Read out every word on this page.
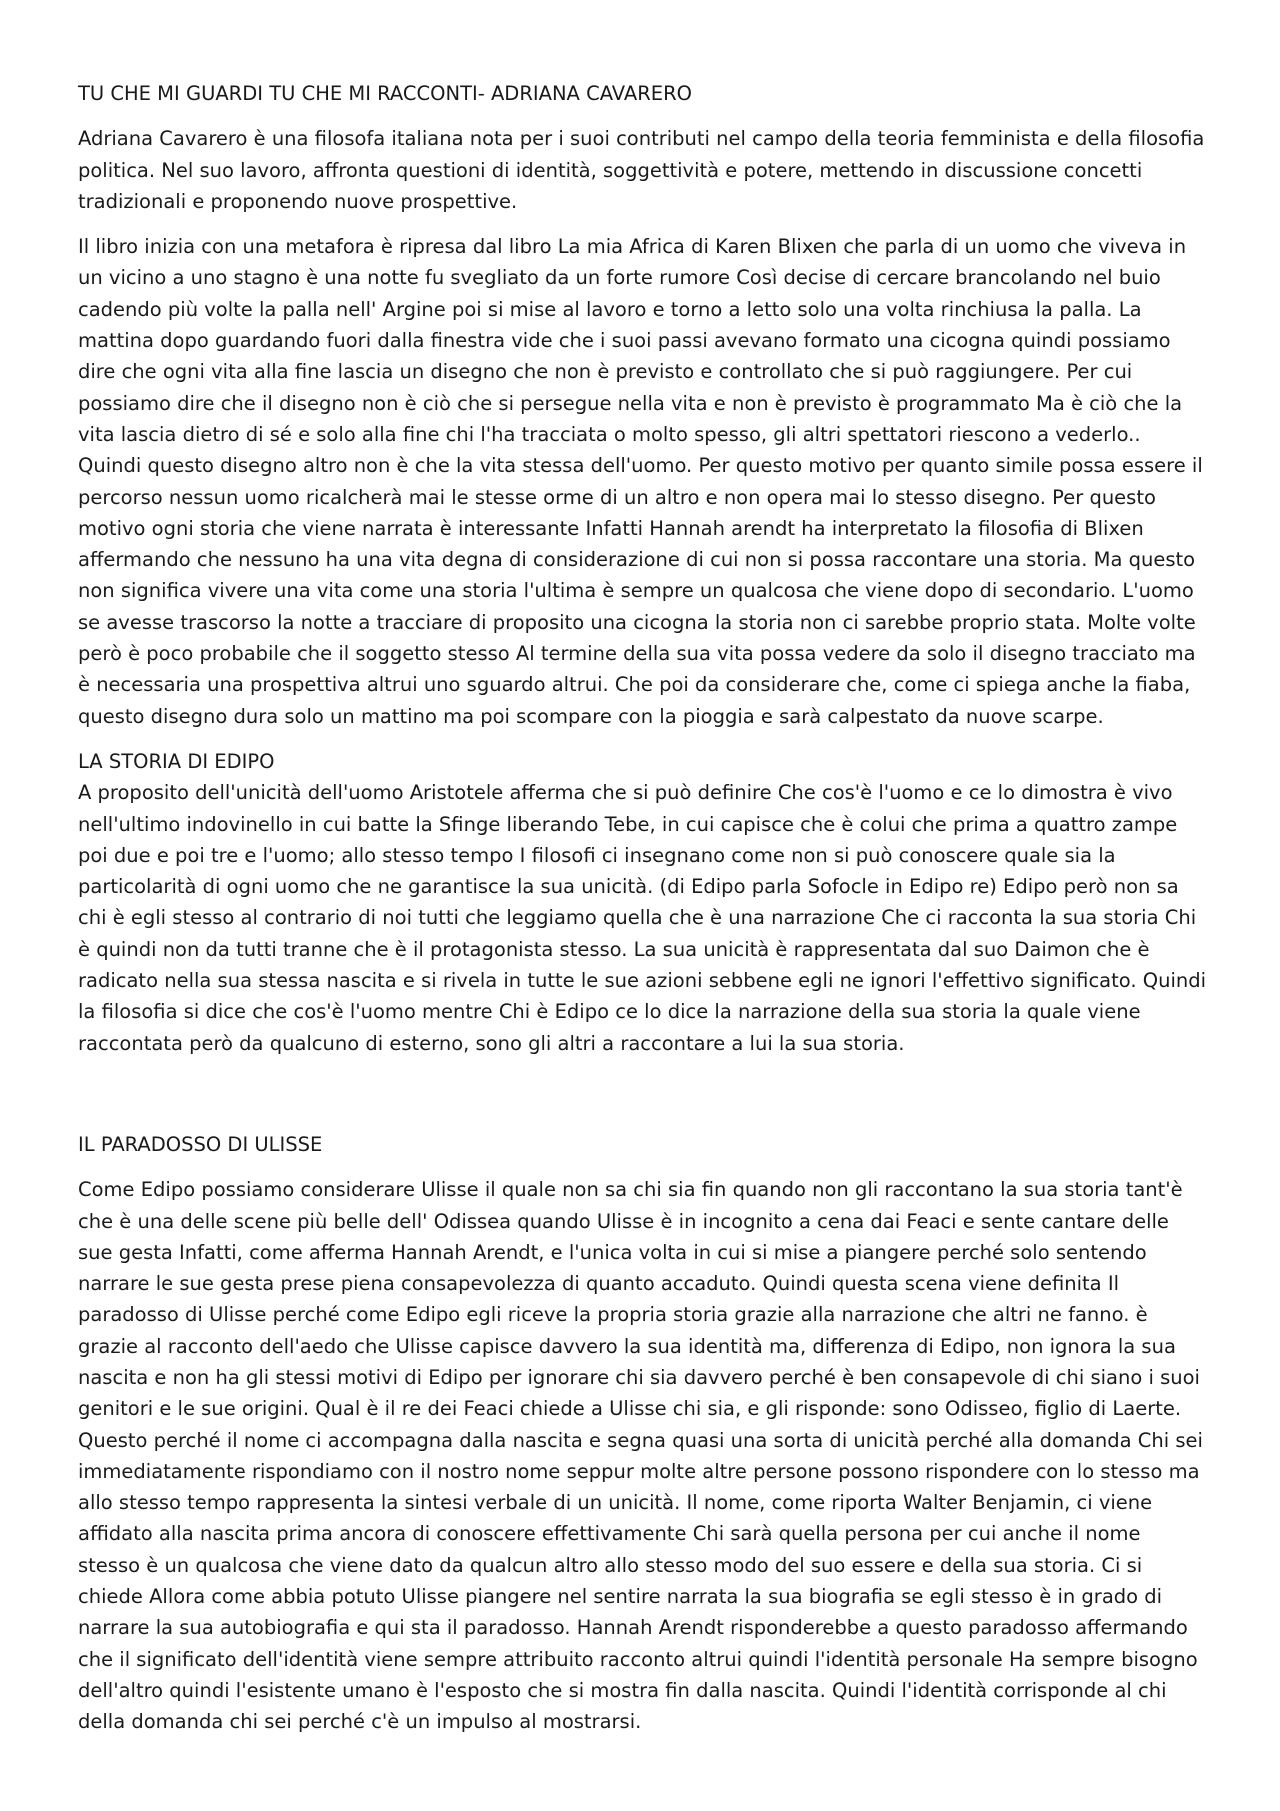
TU CHE MI GUARDI TU CHE MI RACCONTI- ADRIANA CAVARERO

Adriana Cavarero è una filosofa italiana nota per i suoi contributi nel campo della teoria femminista e della filosofia politica. Nel suo lavoro, affronta questioni di identità, soggettività e potere, mettendo in discussione concetti tradizionali e proponendo nuove prospettive.

Il libro inizia con una metafora è ripresa dal libro La mia Africa di Karen Blixen che parla di un uomo che viveva in un vicino a uno stagno è una notte fu svegliato da un forte rumore Così decise di cercare brancolando nel buio cadendo più volte la palla nell' Argine poi si mise al lavoro e torno a letto solo una volta rinchiusa la palla. La mattina dopo guardando fuori dalla finestra vide che i suoi passi avevano formato una cicogna quindi possiamo dire che ogni vita alla fine lascia un disegno che non è previsto e controllato che si può raggiungere. Per cui possiamo dire che il disegno non è ciò che si persegue nella vita e non è previsto è programmato Ma è ciò che la vita lascia dietro di sé e solo alla fine chi l'ha tracciata o molto spesso, gli altri spettatori riescono a vederlo.. Quindi questo disegno altro non è che la vita stessa dell'uomo. Per questo motivo per quanto simile possa essere il percorso nessun uomo ricalcherà mai le stesse orme di un altro e non opera mai lo stesso disegno. Per questo motivo ogni storia che viene narrata è interessante Infatti Hannah arendt ha interpretato la filosofia di Blixen affermando che nessuno ha una vita degna di considerazione di cui non si possa raccontare una storia. Ma questo non significa vivere una vita come una storia l'ultima è sempre un qualcosa che viene dopo di secondario. L'uomo se avesse trascorso la notte a tracciare di proposito una cicogna la storia non ci sarebbe proprio stata. Molte volte però è poco probabile che il soggetto stesso Al termine della sua vita possa vedere da solo il disegno tracciato ma è necessaria una prospettiva altrui uno sguardo altrui. Che poi da considerare che, come ci spiega anche la fiaba, questo disegno dura solo un mattino ma poi scompare con la pioggia e sarà calpestato da nuove scarpe.

LA STORIA DI EDIPO

A proposito dell'unicità dell'uomo Aristotele afferma che si può definire Che cos'è l'uomo e ce lo dimostra è vivo nell'ultimo indovinello in cui batte la Sfinge liberando Tebe, in cui capisce che è colui che prima a quattro zampe poi due e poi tre e l'uomo; allo stesso tempo I filosofi ci insegnano come non si può conoscere quale sia la particolarità di ogni uomo che ne garantisce la sua unicità. (di Edipo parla Sofocle in Edipo re) Edipo però non sa chi è egli stesso al contrario di noi tutti che leggiamo quella che è una narrazione Che ci racconta la sua storia Chi è quindi non da tutti tranne che è il protagonista stesso. La sua unicità è rappresentata dal suo Daimon che è radicato nella sua stessa nascita e si rivela in tutte le sue azioni sebbene egli ne ignori l'effettivo significato. Quindi la filosofia si dice che cos'è l'uomo mentre Chi è Edipo ce lo dice la narrazione della sua storia la quale viene raccontata però da qualcuno di esterno, sono gli altri a raccontare a lui la sua storia.

IL PARADOSSO DI ULISSE

Come Edipo possiamo considerare Ulisse il quale non sa chi sia fin quando non gli raccontano la sua storia tant'è che è una delle scene più belle dell' Odissea quando Ulisse è in incognito a cena dai Feaci e sente cantare delle sue gesta Infatti, come afferma Hannah Arendt, e l'unica volta in cui si mise a piangere perché solo sentendo narrare le sue gesta prese piena consapevolezza di quanto accaduto. Quindi questa scena viene definita Il paradosso di Ulisse perché come Edipo egli riceve la propria storia grazie alla narrazione che altri ne fanno. è grazie al racconto dell'aedo che Ulisse capisce davvero la sua identità ma, differenza di Edipo, non ignora la sua nascita e non ha gli stessi motivi di Edipo per ignorare chi sia davvero perché è ben consapevole di chi siano i suoi genitori e le sue origini. Qual è il re dei Feaci chiede a Ulisse chi sia, e gli risponde: sono Odisseo, figlio di Laerte. Questo perché il nome ci accompagna dalla nascita e segna quasi una sorta di unicità perché alla domanda Chi sei immediatamente rispondiamo con il nostro nome seppur molte altre persone possono rispondere con lo stesso ma allo stesso tempo rappresenta la sintesi verbale di un unicità. Il nome, come riporta Walter Benjamin, ci viene affidato alla nascita prima ancora di conoscere effettivamente Chi sarà quella persona per cui anche il nome stesso è un qualcosa che viene dato da qualcun altro allo stesso modo del suo essere e della sua storia. Ci si chiede Allora come abbia potuto Ulisse piangere nel sentire narrata la sua biografia se egli stesso è in grado di narrare la sua autobiografia e qui sta il paradosso. Hannah Arendt risponderebbe a questo paradosso affermando che il significato dell'identità viene sempre attribuito racconto altrui quindi l'identità personale Ha sempre bisogno dell'altro quindi l'esistente umano è l'esposto che si mostra fin dalla nascita. Quindi l'identità corrisponde al chi della domanda chi sei perché c'è un impulso al mostrarsi.
